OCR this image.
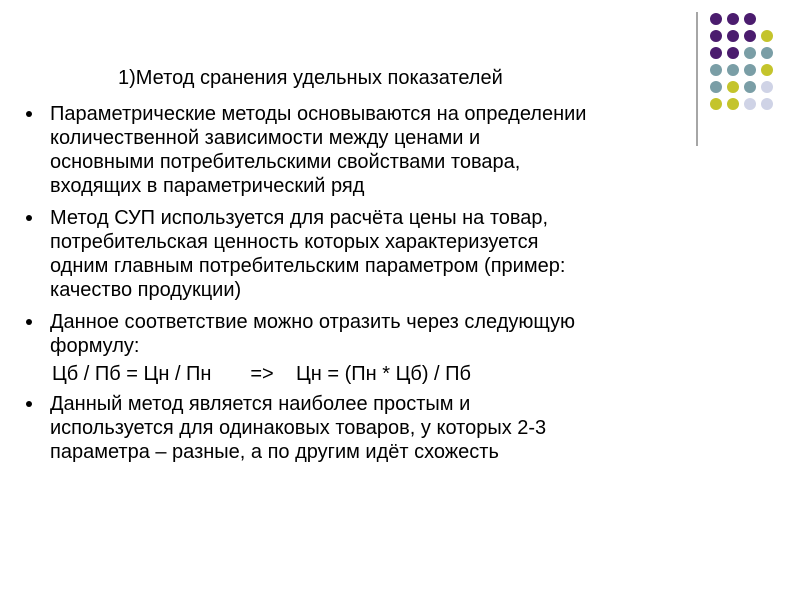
1)Метод сранения удельных показателей
Параметрические методы основываются на определении
количественной зависимости между ценами и
основными потребительскими свойствами товара,
входящих в параметрический ряд
Метод СУП используется для расчёта цены на товар,
потребительская ценность которых характеризуется
одним главным потребительским параметром (пример:
качество продукции)
Данное соответствие можно отразить через следующую
формулу:
Цб / Пб = Цн / Пн       =>    Цн = (Пн * Цб) / Пб
Данный метод является наиболее простым и
используется для одинаковых товаров, у которых 2-3
параметра – разные, а по другим идёт схожесть
